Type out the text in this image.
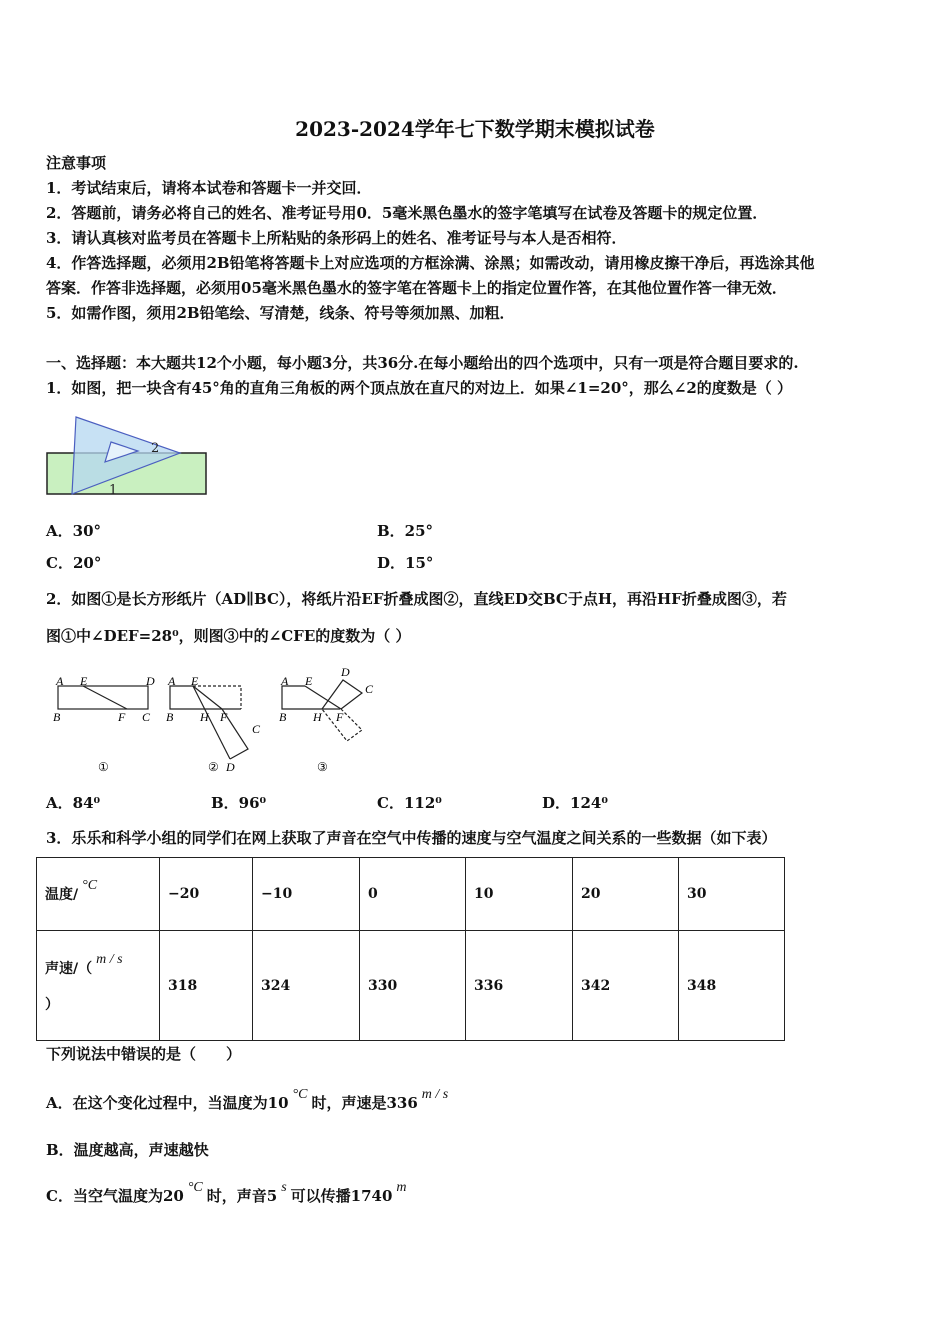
2023-2024学年七下数学期末模拟试卷
注意事项
1．考试结束后，请将本试卷和答题卡一并交回．
2．答题前，请务必将自己的姓名、准考证号用0．5毫米黑色墨水的签字笔填写在试卷及答题卡的规定位置．
3．请认真核对监考员在答题卡上所粘贴的条形码上的姓名、准考证号与本人是否相符．
4．作答选择题，必须用2B铅笔将答题卡上对应选项的方框涂满、涂黑；如需改动，请用橡皮擦干净后，再选涂其他
答案．作答非选择题，必须用05毫米黑色墨水的签字笔在答题卡上的指定位置作答，在其他位置作答一律无效．
5．如需作图，须用2B铅笔绘、写清楚，线条、符号等须加黑、加粗．
一、选择题：本大题共12个小题，每小题3分，共36分.在每小题给出的四个选项中，只有一项是符合题目要求的.
1．如图，把一块含有45°角的直角三角板的两个顶点放在直尺的对边上．如果∠1=20°，那么∠2的度数是（ ）
2
1
A．30°	B．25°
C．20°	D．15°
2．如图①是长方形纸片（AD∥BC），将纸片沿EF折叠成图②，直线ED交BC于点H，再沿HF折叠成图③，若
图①中∠DEF=28⁰，则图③中的∠CFE的度数为（ ）
A E	D
B	F C
A E
B H F
C
D
A E
B H F
D
C
①	②	③
A．84⁰	B．96⁰	C．112⁰	D．124⁰
3．乐乐和科学小组的同学们在网上获取了声音在空气中传播的速度与空气温度之间关系的一些数据（如下表）
温度/°C	−20	−10	0	10	20	30
声速/（m / s

）	318	324	330	336	342	348
下列说法中错误的是（　　）
A．在这个变化过程中，当温度为10 °C 时，声速是336 m / s
B．温度越高，声速越快
C．当空气温度为20 °C 时，声音5 s 可以传播1740 m
